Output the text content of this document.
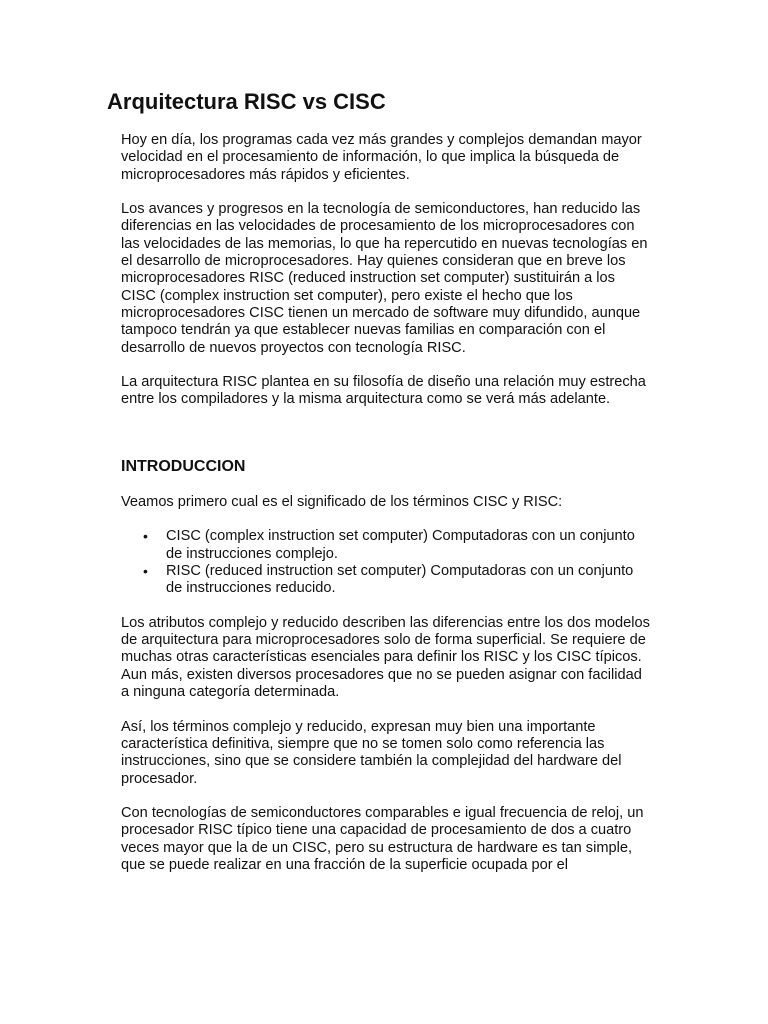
Arquitectura RISC vs CISC

Hoy en día, los programas cada vez más grandes y complejos demandan mayor velocidad en el procesamiento de información, lo que implica la búsqueda de microprocesadores más rápidos y eficientes.

Los avances y progresos en la tecnología de semiconductores, han reducido las diferencias en las velocidades de procesamiento de los microprocesadores con las velocidades de las memorias, lo que ha repercutido en nuevas tecnologías en el desarrollo de microprocesadores. Hay quienes consideran que en breve los microprocesadores RISC (reduced instruction set computer) sustituirán a los CISC (complex instruction set computer), pero existe el hecho que los microprocesadores CISC tienen un mercado de software muy difundido, aunque tampoco tendrán ya que establecer nuevas familias en comparación con el desarrollo de nuevos proyectos con tecnología RISC.

La arquitectura RISC plantea en su filosofía de diseño una relación muy estrecha entre los compiladores y la misma arquitectura como se verá más adelante.

INTRODUCCION

Veamos primero cual es el significado de los términos CISC y RISC:

• CISC (complex instruction set computer) Computadoras con un conjunto de instrucciones complejo.
• RISC (reduced instruction set computer) Computadoras con un conjunto de instrucciones reducido.

Los atributos complejo y reducido describen las diferencias entre los dos modelos de arquitectura para microprocesadores solo de forma superficial. Se requiere de muchas otras características esenciales para definir los RISC y los CISC típicos. Aun más, existen diversos procesadores que no se pueden asignar con facilidad a ninguna categoría determinada.

Así, los términos complejo y reducido, expresan muy bien una importante característica definitiva, siempre que no se tomen solo como referencia las instrucciones, sino que se considere también la complejidad del hardware del procesador.

Con tecnologías de semiconductores comparables e igual frecuencia de reloj, un procesador RISC típico tiene una capacidad de procesamiento de dos a cuatro veces mayor que la de un CISC, pero su estructura de hardware es tan simple, que se puede realizar en una fracción de la superficie ocupada por el
